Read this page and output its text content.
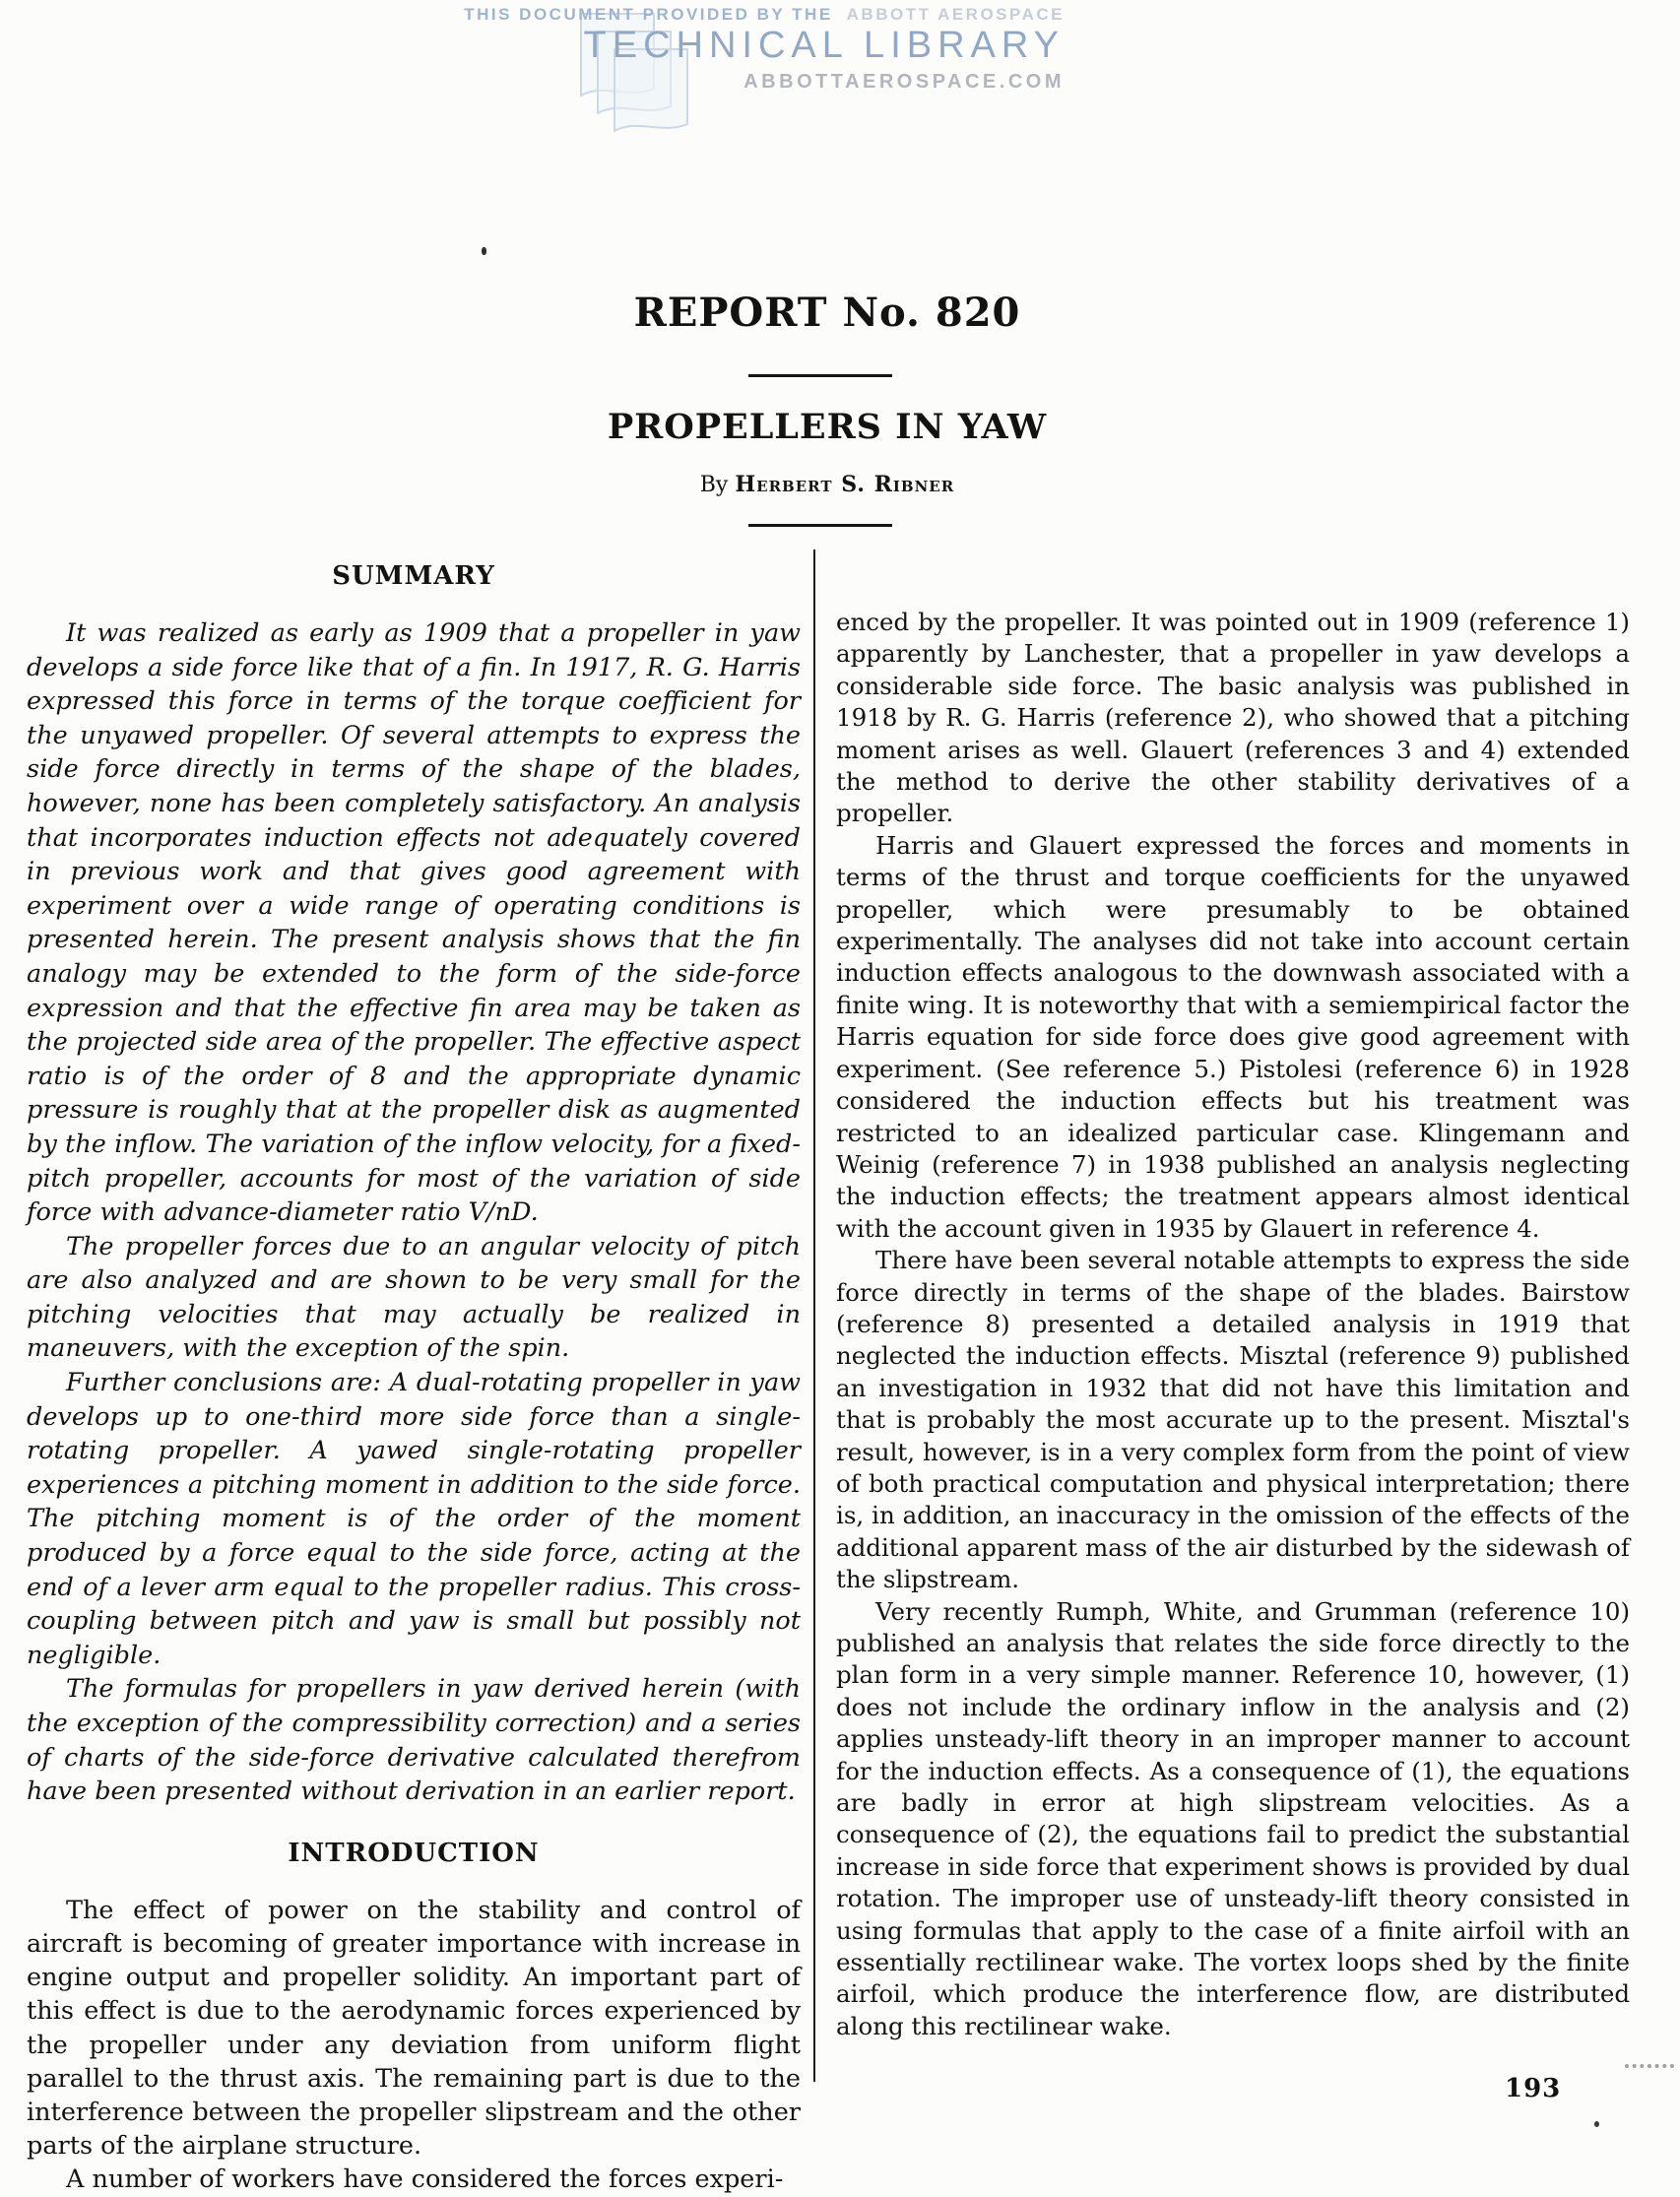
THIS DOCUMENT PROVIDED BY THE ABBOTT AEROSPACE
TECHNICAL LIBRARY
ABBOTTAEROSPACE.COM
REPORT No. 820
PROPELLERS IN YAW
By Herbert S. Ribner
SUMMARY

It was realized as early as 1909 that a propeller in yaw develops a side force like that of a fin. In 1917, R. G. Harris expressed this force in terms of the torque coefficient for the unyawed propeller. Of several attempts to express the side force directly in terms of the shape of the blades, however, none has been completely satisfactory. An analysis that incorporates induction effects not adequately covered in previous work and that gives good agreement with experiment over a wide range of operating conditions is presented herein. The present analysis shows that the fin analogy may be extended to the form of the side-force expression and that the effective fin area may be taken as the projected side area of the propeller. The effective aspect ratio is of the order of 8 and the appropriate dynamic pressure is roughly that at the propeller disk as augmented by the inflow. The variation of the inflow velocity, for a fixed-pitch propeller, accounts for most of the variation of side force with advance-diameter ratio V/nD.

The propeller forces due to an angular velocity of pitch are also analyzed and are shown to be very small for the pitching velocities that may actually be realized in maneuvers, with the exception of the spin.

Further conclusions are: A dual-rotating propeller in yaw develops up to one-third more side force than a single-rotating propeller. A yawed single-rotating propeller experiences a pitching moment in addition to the side force. The pitching moment is of the order of the moment produced by a force equal to the side force, acting at the end of a lever arm equal to the propeller radius. This cross-coupling between pitch and yaw is small but possibly not negligible.

The formulas for propellers in yaw derived herein (with the exception of the compressibility correction) and a series of charts of the side-force derivative calculated therefrom have been presented without derivation in an earlier report.

INTRODUCTION

The effect of power on the stability and control of aircraft is becoming of greater importance with increase in engine output and propeller solidity. An important part of this effect is due to the aerodynamic forces experienced by the propeller under any deviation from uniform flight parallel to the thrust axis. The remaining part is due to the interference between the propeller slipstream and the other parts of the airplane structure.

A number of workers have considered the forces experi-

enced by the propeller. It was pointed out in 1909 (reference 1) apparently by Lanchester, that a propeller in yaw develops a considerable side force. The basic analysis was published in 1918 by R. G. Harris (reference 2), who showed that a pitching moment arises as well. Glauert (references 3 and 4) extended the method to derive the other stability derivatives of a propeller.

Harris and Glauert expressed the forces and moments in terms of the thrust and torque coefficients for the unyawed propeller, which were presumably to be obtained experimentally. The analyses did not take into account certain induction effects analogous to the downwash associated with a finite wing. It is noteworthy that with a semiempirical factor the Harris equation for side force does give good agreement with experiment. (See reference 5.) Pistolesi (reference 6) in 1928 considered the induction effects but his treatment was restricted to an idealized particular case. Klingemann and Weinig (reference 7) in 1938 published an analysis neglecting the induction effects; the treatment appears almost identical with the account given in 1935 by Glauert in reference 4.

There have been several notable attempts to express the side force directly in terms of the shape of the blades. Bairstow (reference 8) presented a detailed analysis in 1919 that neglected the induction effects. Misztal (reference 9) published an investigation in 1932 that did not have this limitation and that is probably the most accurate up to the present. Misztal's result, however, is in a very complex form from the point of view of both practical computation and physical interpretation; there is, in addition, an inaccuracy in the omission of the effects of the additional apparent mass of the air disturbed by the sidewash of the slipstream.

Very recently Rumph, White, and Grumman (reference 10) published an analysis that relates the side force directly to the plan form in a very simple manner. Reference 10, however, (1) does not include the ordinary inflow in the analysis and (2) applies unsteady-lift theory in an improper manner to account for the induction effects. As a consequence of (1), the equations are badly in error at high slipstream velocities. As a consequence of (2), the equations fail to predict the substantial increase in side force that experiment shows is provided by dual rotation. The improper use of unsteady-lift theory consisted in using formulas that apply to the case of a finite airfoil with an essentially rectilinear wake. The vortex loops shed by the finite airfoil, which produce the interference flow, are distributed along this rectilinear wake.

193
